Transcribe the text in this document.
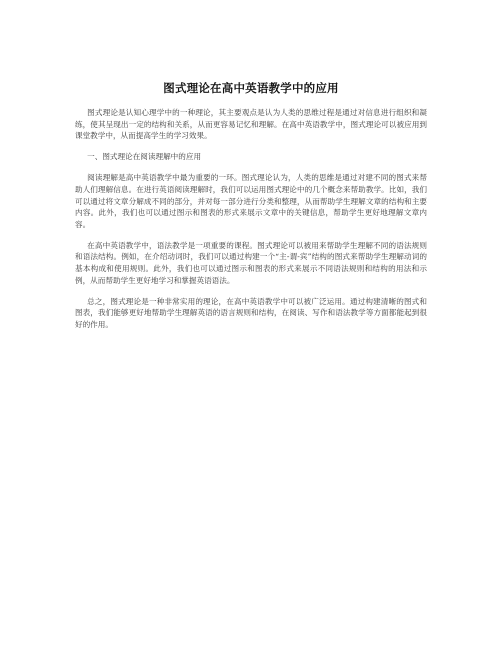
图式理论在高中英语教学中的应用

图式理论是认知心理学中的一种理论，其主要观点是认为人类的思维过程是通过对信息进行组织和凝练，使其呈现出一定的结构和关系，从而更容易记忆和理解。在高中英语教学中，图式理论可以被应用到课堂教学中，从而提高学生的学习效果。

一、图式理论在阅读理解中的应用

阅读理解是高中英语教学中最为重要的一环。图式理论认为，人类的思维是通过对建不同的图式来帮助人们理解信息。在进行英语阅读理解时，我们可以运用图式理论中的几个概念来帮助教学。比如，我们可以通过将文章分解成不同的部分，并对每一部分进行分类和整理，从而帮助学生理解文章的结构和主要内容。此外，我们也可以通过图示和图表的形式来展示文章中的关键信息，帮助学生更好地理解文章内容。

在高中英语教学中，语法教学是一项重要的课程。图式理论可以被用来帮助学生理解不同的语法规则和语法结构。例如，在介绍动词时，我们可以通过构建一个“主-谓-宾”结构的图式来帮助学生理解动词的基本构成和使用规则。此外，我们也可以通过图示和图表的形式来展示不同语法规则和结构的用法和示例，从而帮助学生更好地学习和掌握英语语法。

总之，图式理论是一种非常实用的理论，在高中英语教学中可以被广泛运用。通过构建清晰的图式和图表，我们能够更好地帮助学生理解英语的语言规则和结构，在阅读、写作和语法教学等方面都能起到很好的作用。
